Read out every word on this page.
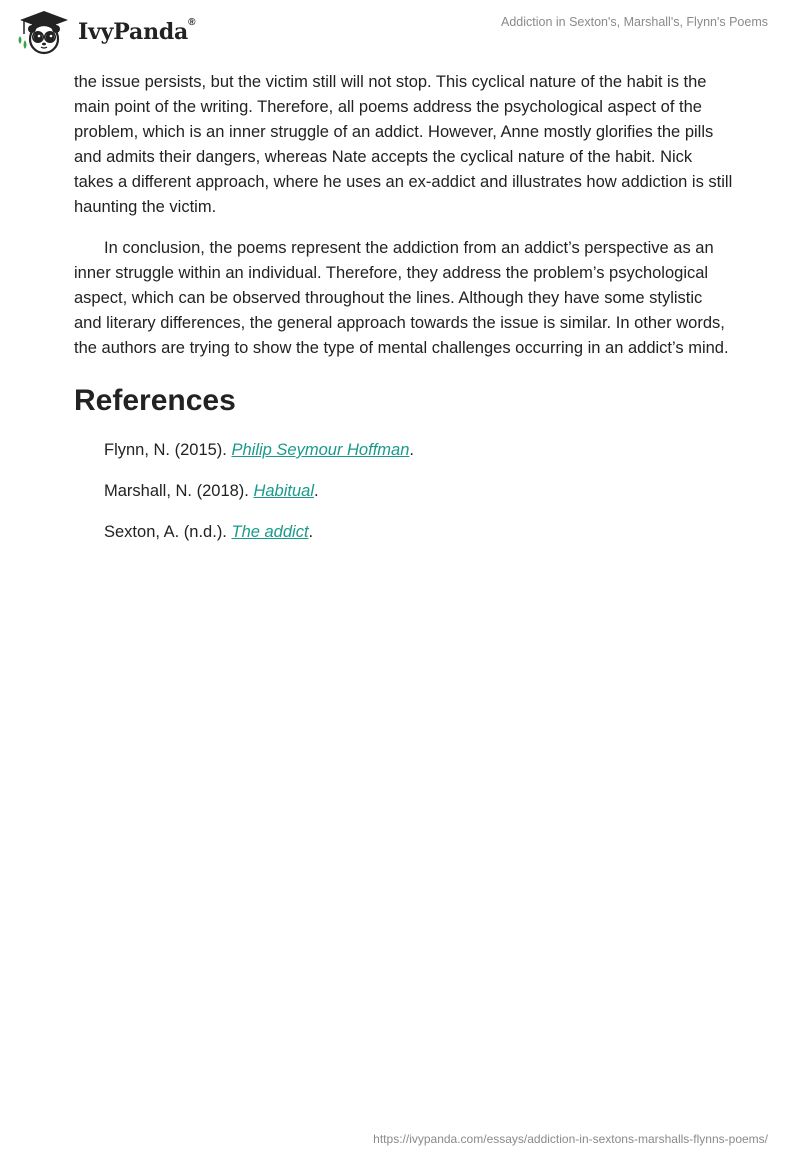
IvyPanda®	Addiction in Sexton's, Marshall's, Flynn's Poems

the issue persists, but the victim still will not stop. This cyclical nature of the habit is the main point of the writing. Therefore, all poems address the psychological aspect of the problem, which is an inner struggle of an addict. However, Anne mostly glorifies the pills and admits their dangers, whereas Nate accepts the cyclical nature of the habit. Nick takes a different approach, where he uses an ex-addict and illustrates how addiction is still haunting the victim.

In conclusion, the poems represent the addiction from an addict’s perspective as an inner struggle within an individual. Therefore, they address the problem’s psychological aspect, which can be observed throughout the lines. Although they have some stylistic and literary differences, the general approach towards the issue is similar. In other words, the authors are trying to show the type of mental challenges occurring in an addict’s mind.

References
Flynn, N. (2015). Philip Seymour Hoffman.
Marshall, N. (2018). Habitual.
Sexton, A. (n.d.). The addict.
https://ivypanda.com/essays/addiction-in-sextons-marshalls-flynns-poems/
